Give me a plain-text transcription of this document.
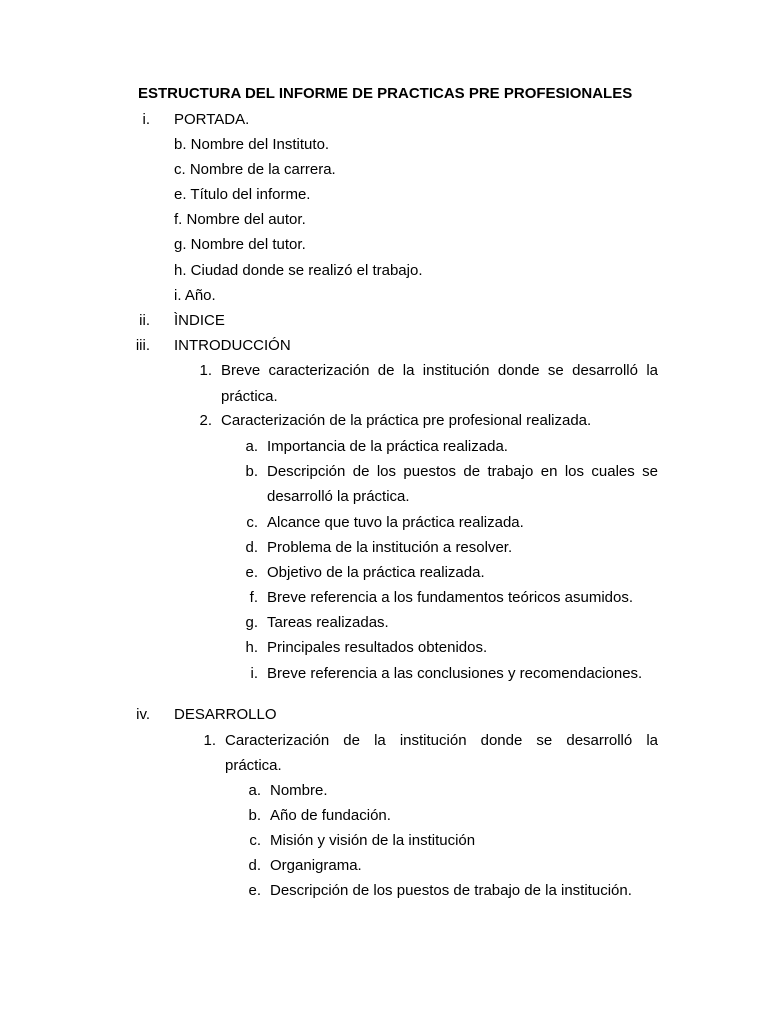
ESTRUCTURA DEL INFORME DE PRACTICAS PRE PROFESIONALES
i. PORTADA.
b. Nombre del Instituto.
c. Nombre de la carrera.
e. Título del informe.
f. Nombre del autor.
g. Nombre del tutor.
h. Ciudad donde se realizó el trabajo.
i. Año.
ii. ÌNDICE
iii. INTRODUCCIÓN
1. Breve caracterización de la institución donde se desarrolló la
práctica.
2. Caracterización de la práctica pre profesional realizada.
a. Importancia de la práctica realizada.
b. Descripción de los puestos de trabajo en los cuales se
desarrolló la práctica.
c. Alcance que tuvo la práctica realizada.
d. Problema de la institución a resolver.
e. Objetivo de la práctica realizada.
f. Breve referencia a los fundamentos teóricos asumidos.
g. Tareas realizadas.
h. Principales resultados obtenidos.
i. Breve referencia a las conclusiones y recomendaciones.
iv. DESARROLLO
1. Caracterización de la institución donde se desarrolló la
práctica.
a. Nombre.
b. Año de fundación.
c. Misión y visión de la institución
d. Organigrama.
e. Descripción de los puestos de trabajo de la institución.
